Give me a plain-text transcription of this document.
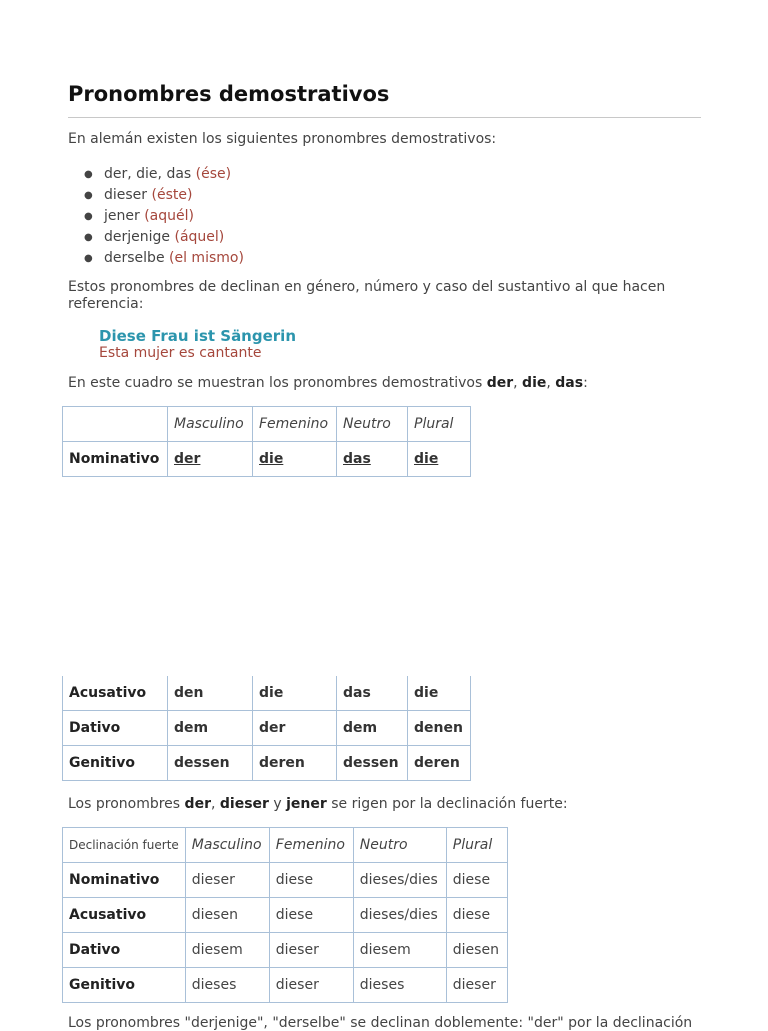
Pronombres demostrativos
En alemán existen los siguientes pronombres demostrativos:
● der, die, das (ése)
● dieser (éste)
● jener (aquél)
● derjenige (áquel)
● derselbe (el mismo)
Estos pronombres de declinan en género, número y caso del sustantivo al que hacen
referencia:
Diese Frau ist Sängerin
Esta mujer es cantante
En este cuadro se muestran los pronombres demostrativos der, die, das:
	Masculino	Femenino	Neutro	Plural
Nominativo	der	die	das	die
Acusativo	den	die	das	die
Dativo	dem	der	dem	denen
Genitivo	dessen	deren	dessen	deren
Los pronombres der, dieser y jener se rigen por la declinación fuerte:
Declinación fuerte	Masculino	Femenino	Neutro	Plural
Nominativo	dieser	diese	dieses/dies	diese
Acusativo	diesen	diese	dieses/dies	diese
Dativo	diesem	dieser	diesem	diesen
Genitivo	dieses	dieser	dieses	dieser
Los pronombres "derjenige", "derselbe" se declinan doblemente: "der" por la declinación
